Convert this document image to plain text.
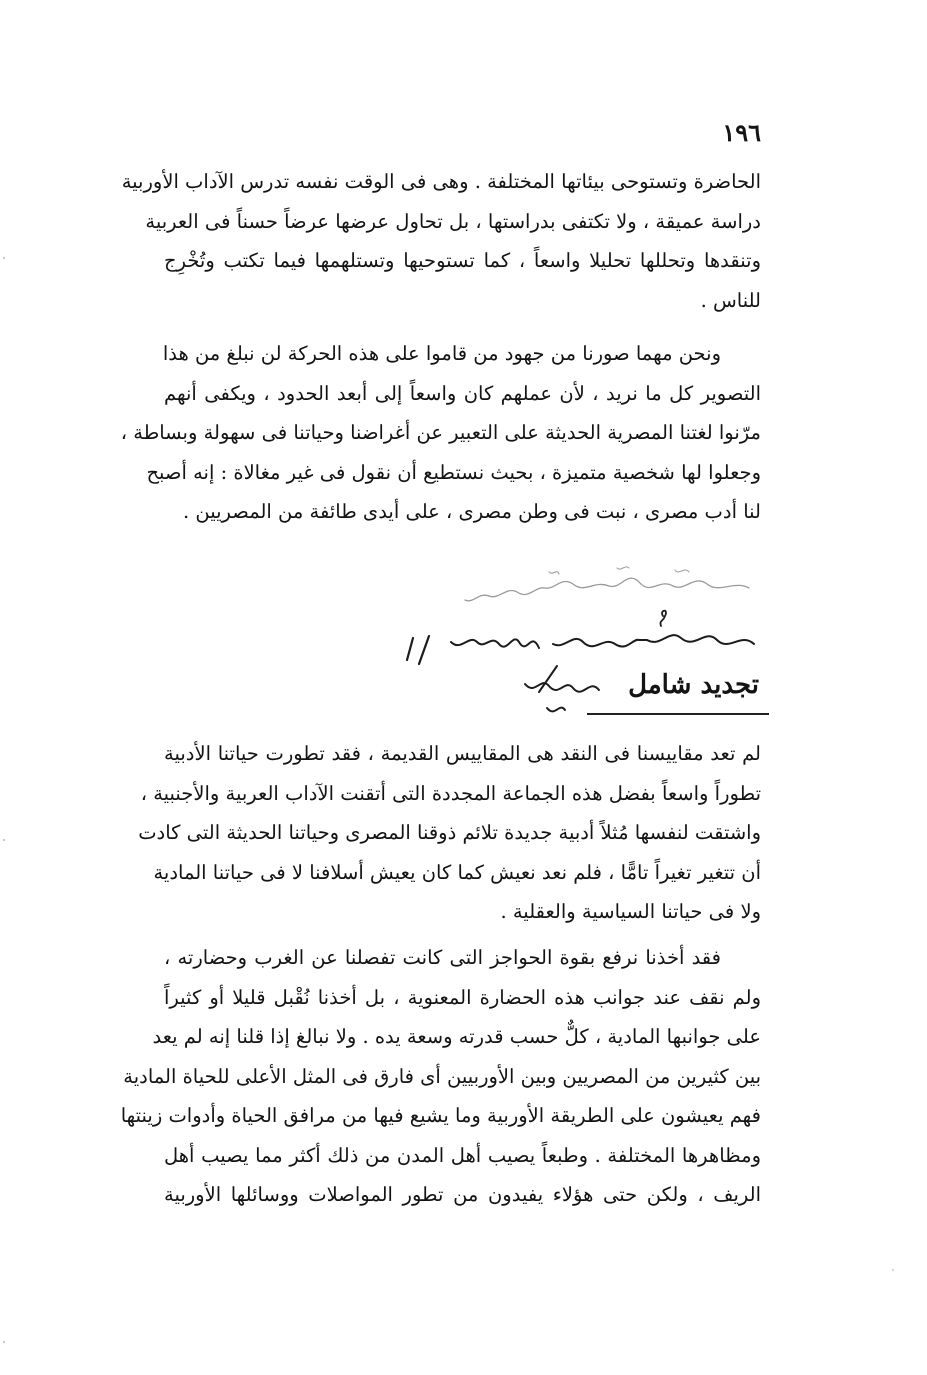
١٩٦

الحاضرة وتستوحى بيئاتها المختلفة . وهى فى الوقت نفسه تدرس الآداب الأوربية
دراسة عميقة ، ولا تكتفى بدراستها ، بل تحاول عرضها عرضاً حسناً فى العربية
وتنقدها وتحللها تحليلا واسعاً ، كما تستوحيها وتستلهمها فيما تكتب وتُخْرِج
للناس .

ونحن مهما صورنا من جهود من قاموا على هذه الحركة لن نبلغ من هذا
التصوير كل ما نريد ، لأن عملهم كان واسعاً إلى أبعد الحدود ، ويكفى أنهم
مرّنوا لغتنا المصرية الحديثة على التعبير عن أغراضنا وحياتنا فى سهولة وبساطة ،
وجعلوا لها شخصية متميزة ، بحيث نستطيع أن نقول فى غير مغالاة : إنه أصبح
لنا أدب مصرى ، نبت فى وطن مصرى ، على أيدى طائفة من المصريين .

تجديد شامل

لم تعد مقاييسنا فى النقد هى المقاييس القديمة ، فقد تطورت حياتنا الأدبية
تطوراً واسعاً بفضل هذه الجماعة المجددة التى أتقنت الآداب العربية والأجنبية ،
واشتقت لنفسها مُثلاً أدبية جديدة تلائم ذوقنا المصرى وحياتنا الحديثة التى كادت
أن تتغير تغيراً تامًّا ، فلم نعد نعيش كما كان يعيش أسلافنا لا فى حياتنا المادية
ولا فى حياتنا السياسية والعقلية .

فقد أخذنا نرفع بقوة الحواجز التى كانت تفصلنا عن الغرب وحضارته ،
ولم نقف عند جوانب هذه الحضارة المعنوية ، بل أخذنا نُقْبل قليلا أو كثيراً
على جوانبها المادية ، كلٌّ حسب قدرته وسعة يده . ولا نبالغ إذا قلنا إنه لم يعد
بين كثيرين من المصريين وبين الأوربيين أى فارق فى المثل الأعلى للحياة المادية
فهم يعيشون على الطريقة الأوربية وما يشيع فيها من مرافق الحياة وأدوات زينتها
ومظاهرها المختلفة . وطبعاً يصيب أهل المدن من ذلك أكثر مما يصيب أهل
الريف ، ولكن حتى هؤلاء يفيدون من تطور المواصلات ووسائلها الأوربية
